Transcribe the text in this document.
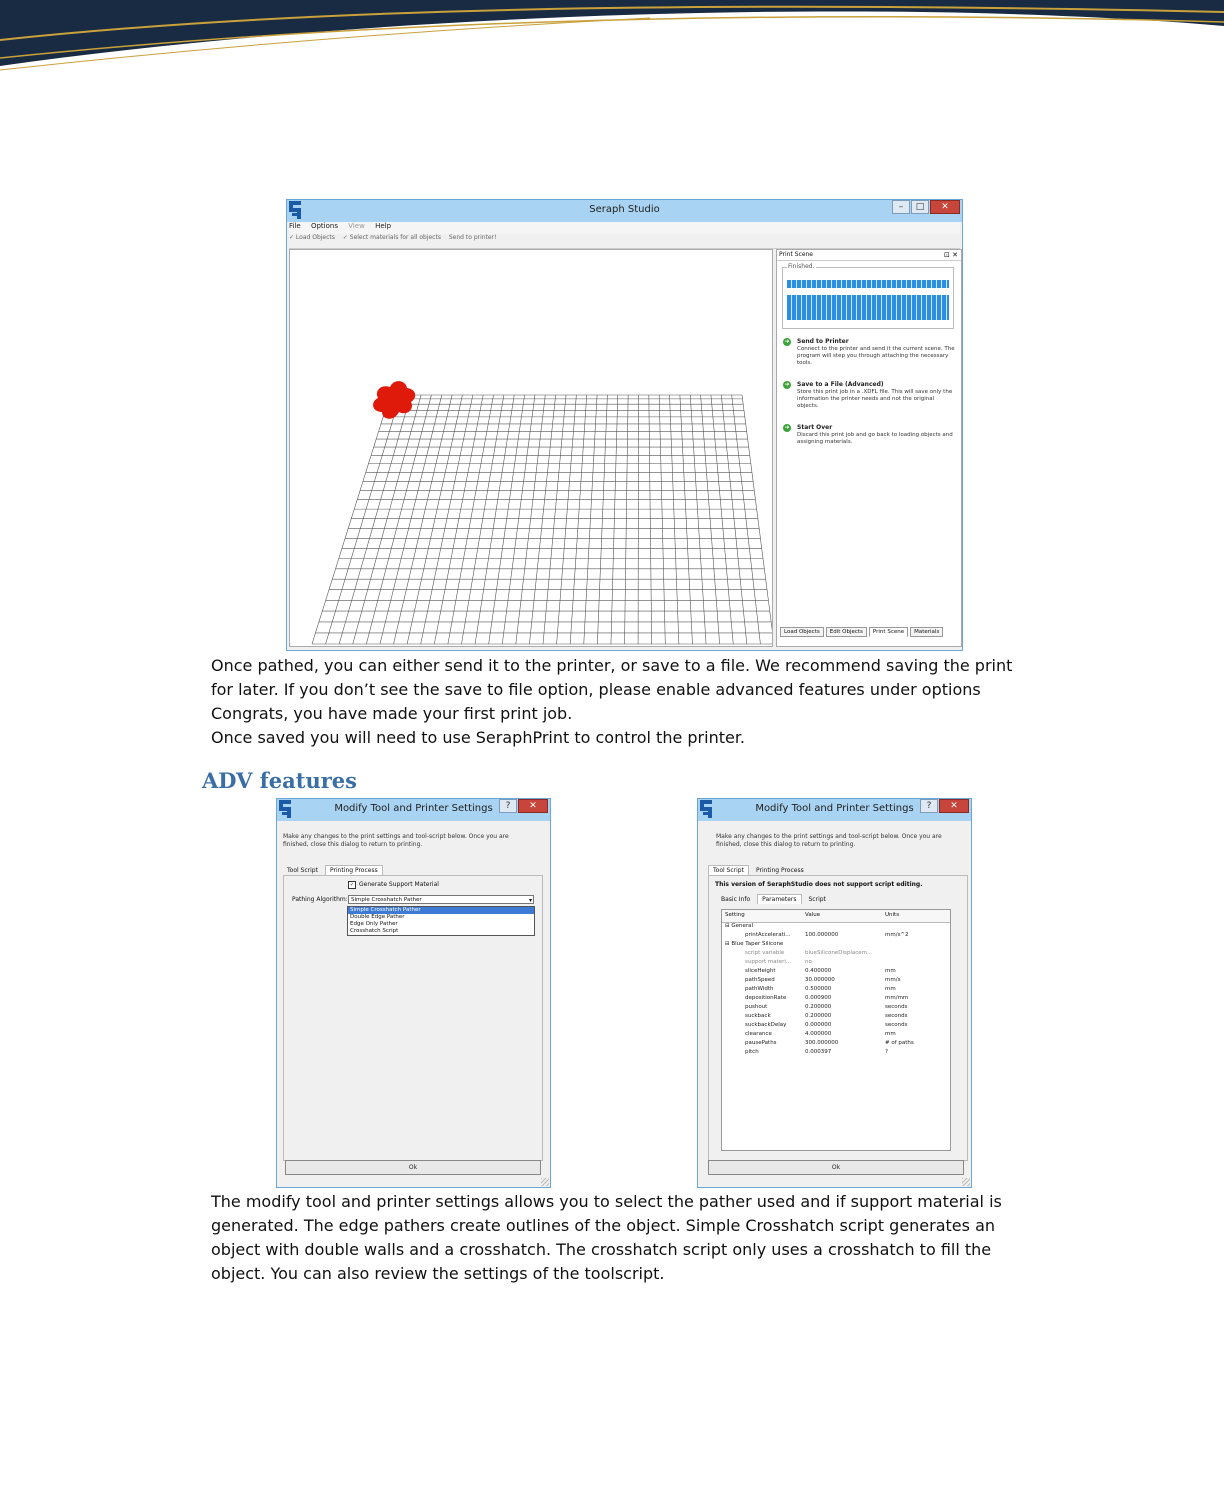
Seraph Studio	–	□	✕
File Options View Help
✓ Load Objects ✓ Select materials for all objects Send to printer!
Print Scene	⊡ ✕
Finished.
➜ Send to Printer
Connect to the printer and send it the current scene. The program will step you through attaching the necessary tools.
➜ Save to a File (Advanced)
Store this print job in a .XDFL file. This will save only the information the printer needs and not the original objects.
➜ Start Over
Discard this print job and go back to loading objects and assigning materials.
Load Objects Edit Objects Print Scene Materials

Once pathed, you can either send it to the printer, or save to a file. We recommend saving the print
for later. If you don’t see the save to file option, please enable advanced features under options
Congrats, you have made your first print job.
Once saved you will need to use SeraphPrint to control the printer.

ADV features
Modify Tool and Printer Settings	?	✕
Make any changes to the print settings and tool-script below. Once you are finished, close this dialog to return to printing.
Tool Script Printing Process
✓ Generate Support Material
Pathing Algorithm: Simple Crosshatch Pather	▾
Simple Crosshatch Pather
Double Edge Pather
Edge Only Pather
Crosshatch Script
Ok
Modify Tool and Printer Settings	?	✕
Make any changes to the print settings and tool-script below. Once you are finished, close this dialog to return to printing.
Tool Script Printing Process
This version of SeraphStudio does not support script editing.
Basic Info Parameters Script
Setting	Value	Units
⊟ General
printAccelerati...	100.000000	mm/s^2
⊟ Blue Taper Silicone
script variable	blueSiliconeDisplacem...
support materi...	no
sliceHeight	0.400000	mm
pathSpeed	30.000000	mm/s
pathWidth	0.500000	mm
depositionRate	0.000900	mm/mm
pushout	0.200000	seconds
suckback	0.200000	seconds
suckbackDelay	0.000000	seconds
clearance	4.000000	mm
pausePaths	300.000000	# of paths
pitch	0.000397	?
Ok

The modify tool and printer settings allows you to select the pather used and if support material is
generated. The edge pathers create outlines of the object. Simple Crosshatch script generates an
object with double walls and a crosshatch. The crosshatch script only uses a crosshatch to fill the
object. You can also review the settings of the toolscript.
